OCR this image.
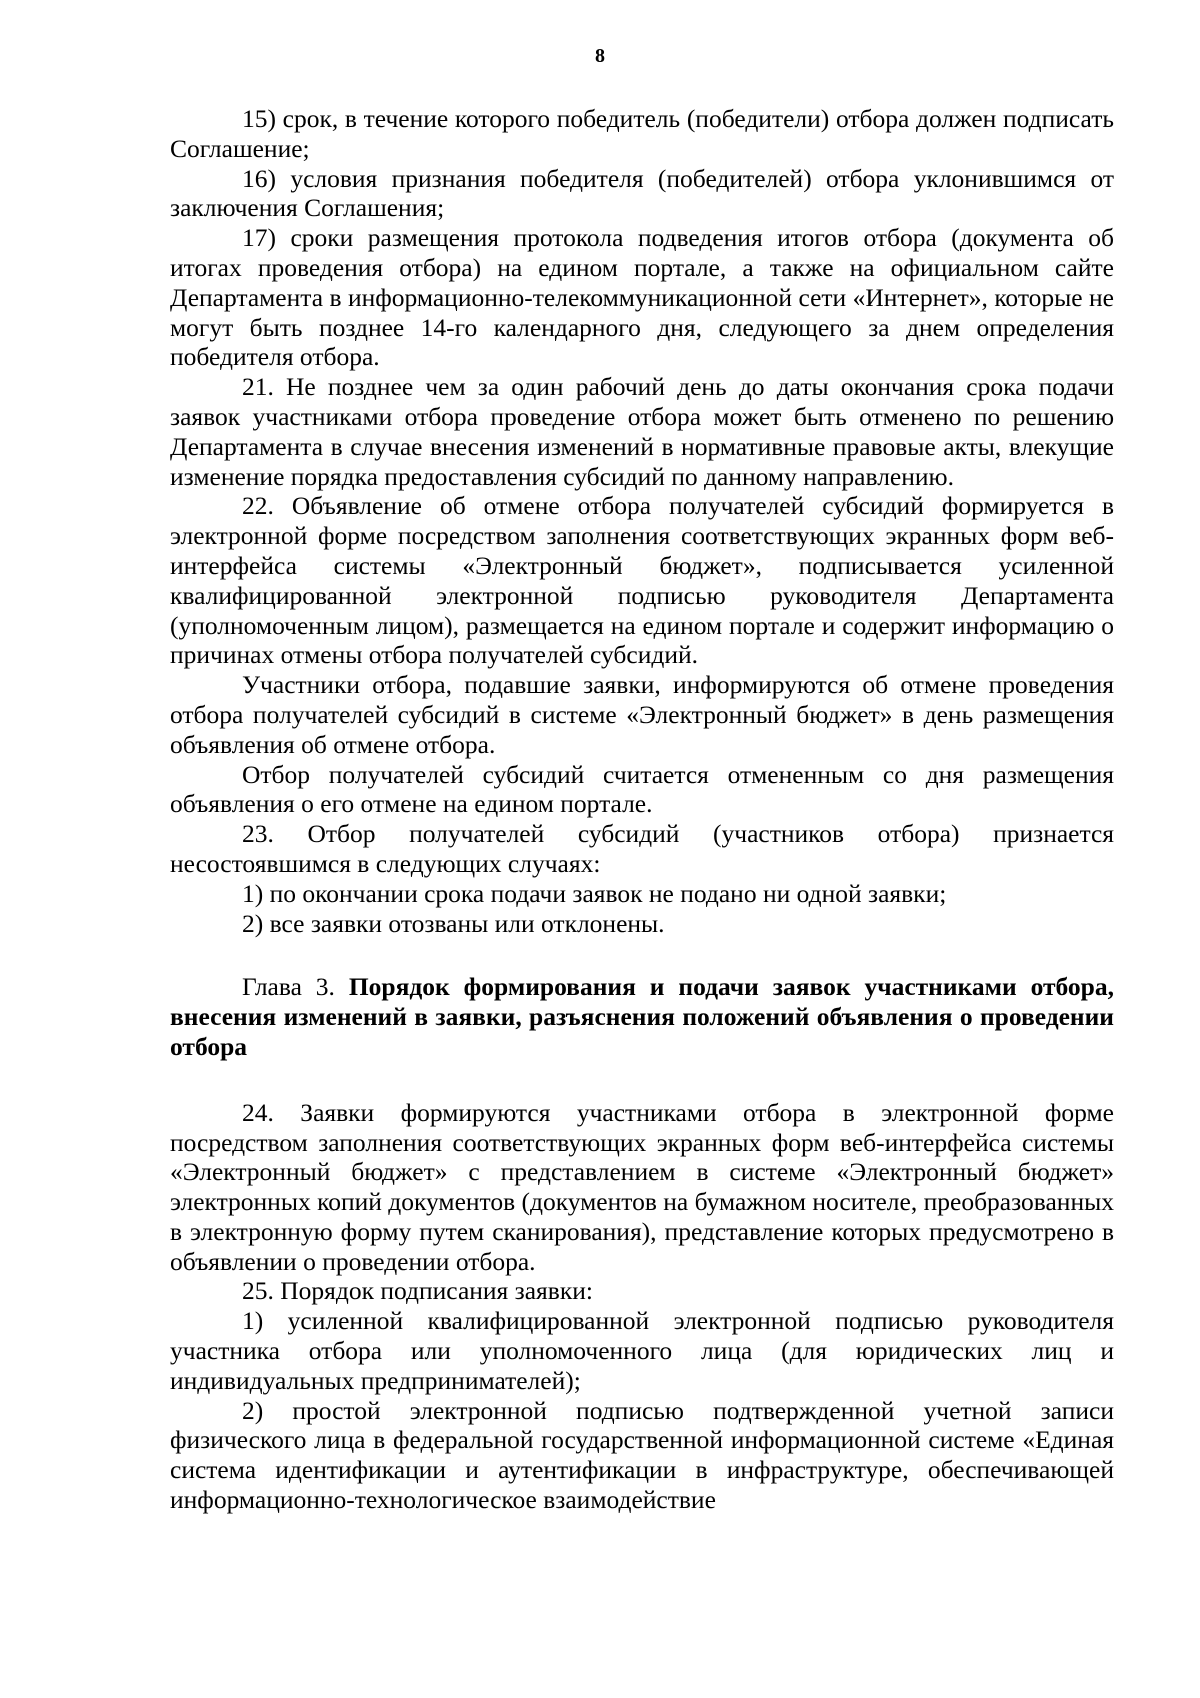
8

15) срок, в течение которого победитель (победители) отбора должен подписать Соглашение;

16) условия признания победителя (победителей) отбора уклонившимся от заключения Соглашения;

17) сроки размещения протокола подведения итогов отбора (документа об итогах проведения отбора) на едином портале, а также на официальном сайте Департамента в информационно-телекоммуникационной сети «Интернет», которые не могут быть позднее 14-го календарного дня, следующего за днем определения победителя отбора.

21. Не позднее чем за один рабочий день до даты окончания срока подачи заявок участниками отбора проведение отбора может быть отменено по решению Департамента в случае внесения изменений в нормативные правовые акты, влекущие изменение порядка предоставления субсидий по данному направлению.

22. Объявление об отмене отбора получателей субсидий формируется в электронной форме посредством заполнения соответствующих экранных форм веб-интерфейса системы «Электронный бюджет», подписывается усиленной квалифицированной электронной подписью руководителя Департамента (уполномоченным лицом), размещается на едином портале и содержит информацию о причинах отмены отбора получателей субсидий.

Участники отбора, подавшие заявки, информируются об отмене проведения отбора получателей субсидий в системе «Электронный бюджет» в день размещения объявления об отмене отбора.

Отбор получателей субсидий считается отмененным со дня размещения объявления о его отмене на едином портале.

23. Отбор получателей субсидий (участников отбора) признается несостоявшимся в следующих случаях:

1) по окончании срока подачи заявок не подано ни одной заявки;

2) все заявки отозваны или отклонены.

Глава 3. Порядок формирования и подачи заявок участниками отбора, внесения изменений в заявки, разъяснения положений объявления о проведении отбора

24. Заявки формируются участниками отбора в электронной форме посредством заполнения соответствующих экранных форм веб-интерфейса системы «Электронный бюджет» с представлением в системе «Электронный бюджет» электронных копий документов (документов на бумажном носителе, преобразованных в электронную форму путем сканирования), представление которых предусмотрено в объявлении о проведении отбора.

25. Порядок подписания заявки:

1) усиленной квалифицированной электронной подписью руководителя участника отбора или уполномоченного лица (для юридических лиц и индивидуальных предпринимателей);

2) простой электронной подписью подтвержденной учетной записи физического лица в федеральной государственной информационной системе «Единая система идентификации и аутентификации в инфраструктуре, обеспечивающей информационно-технологическое взаимодействие
